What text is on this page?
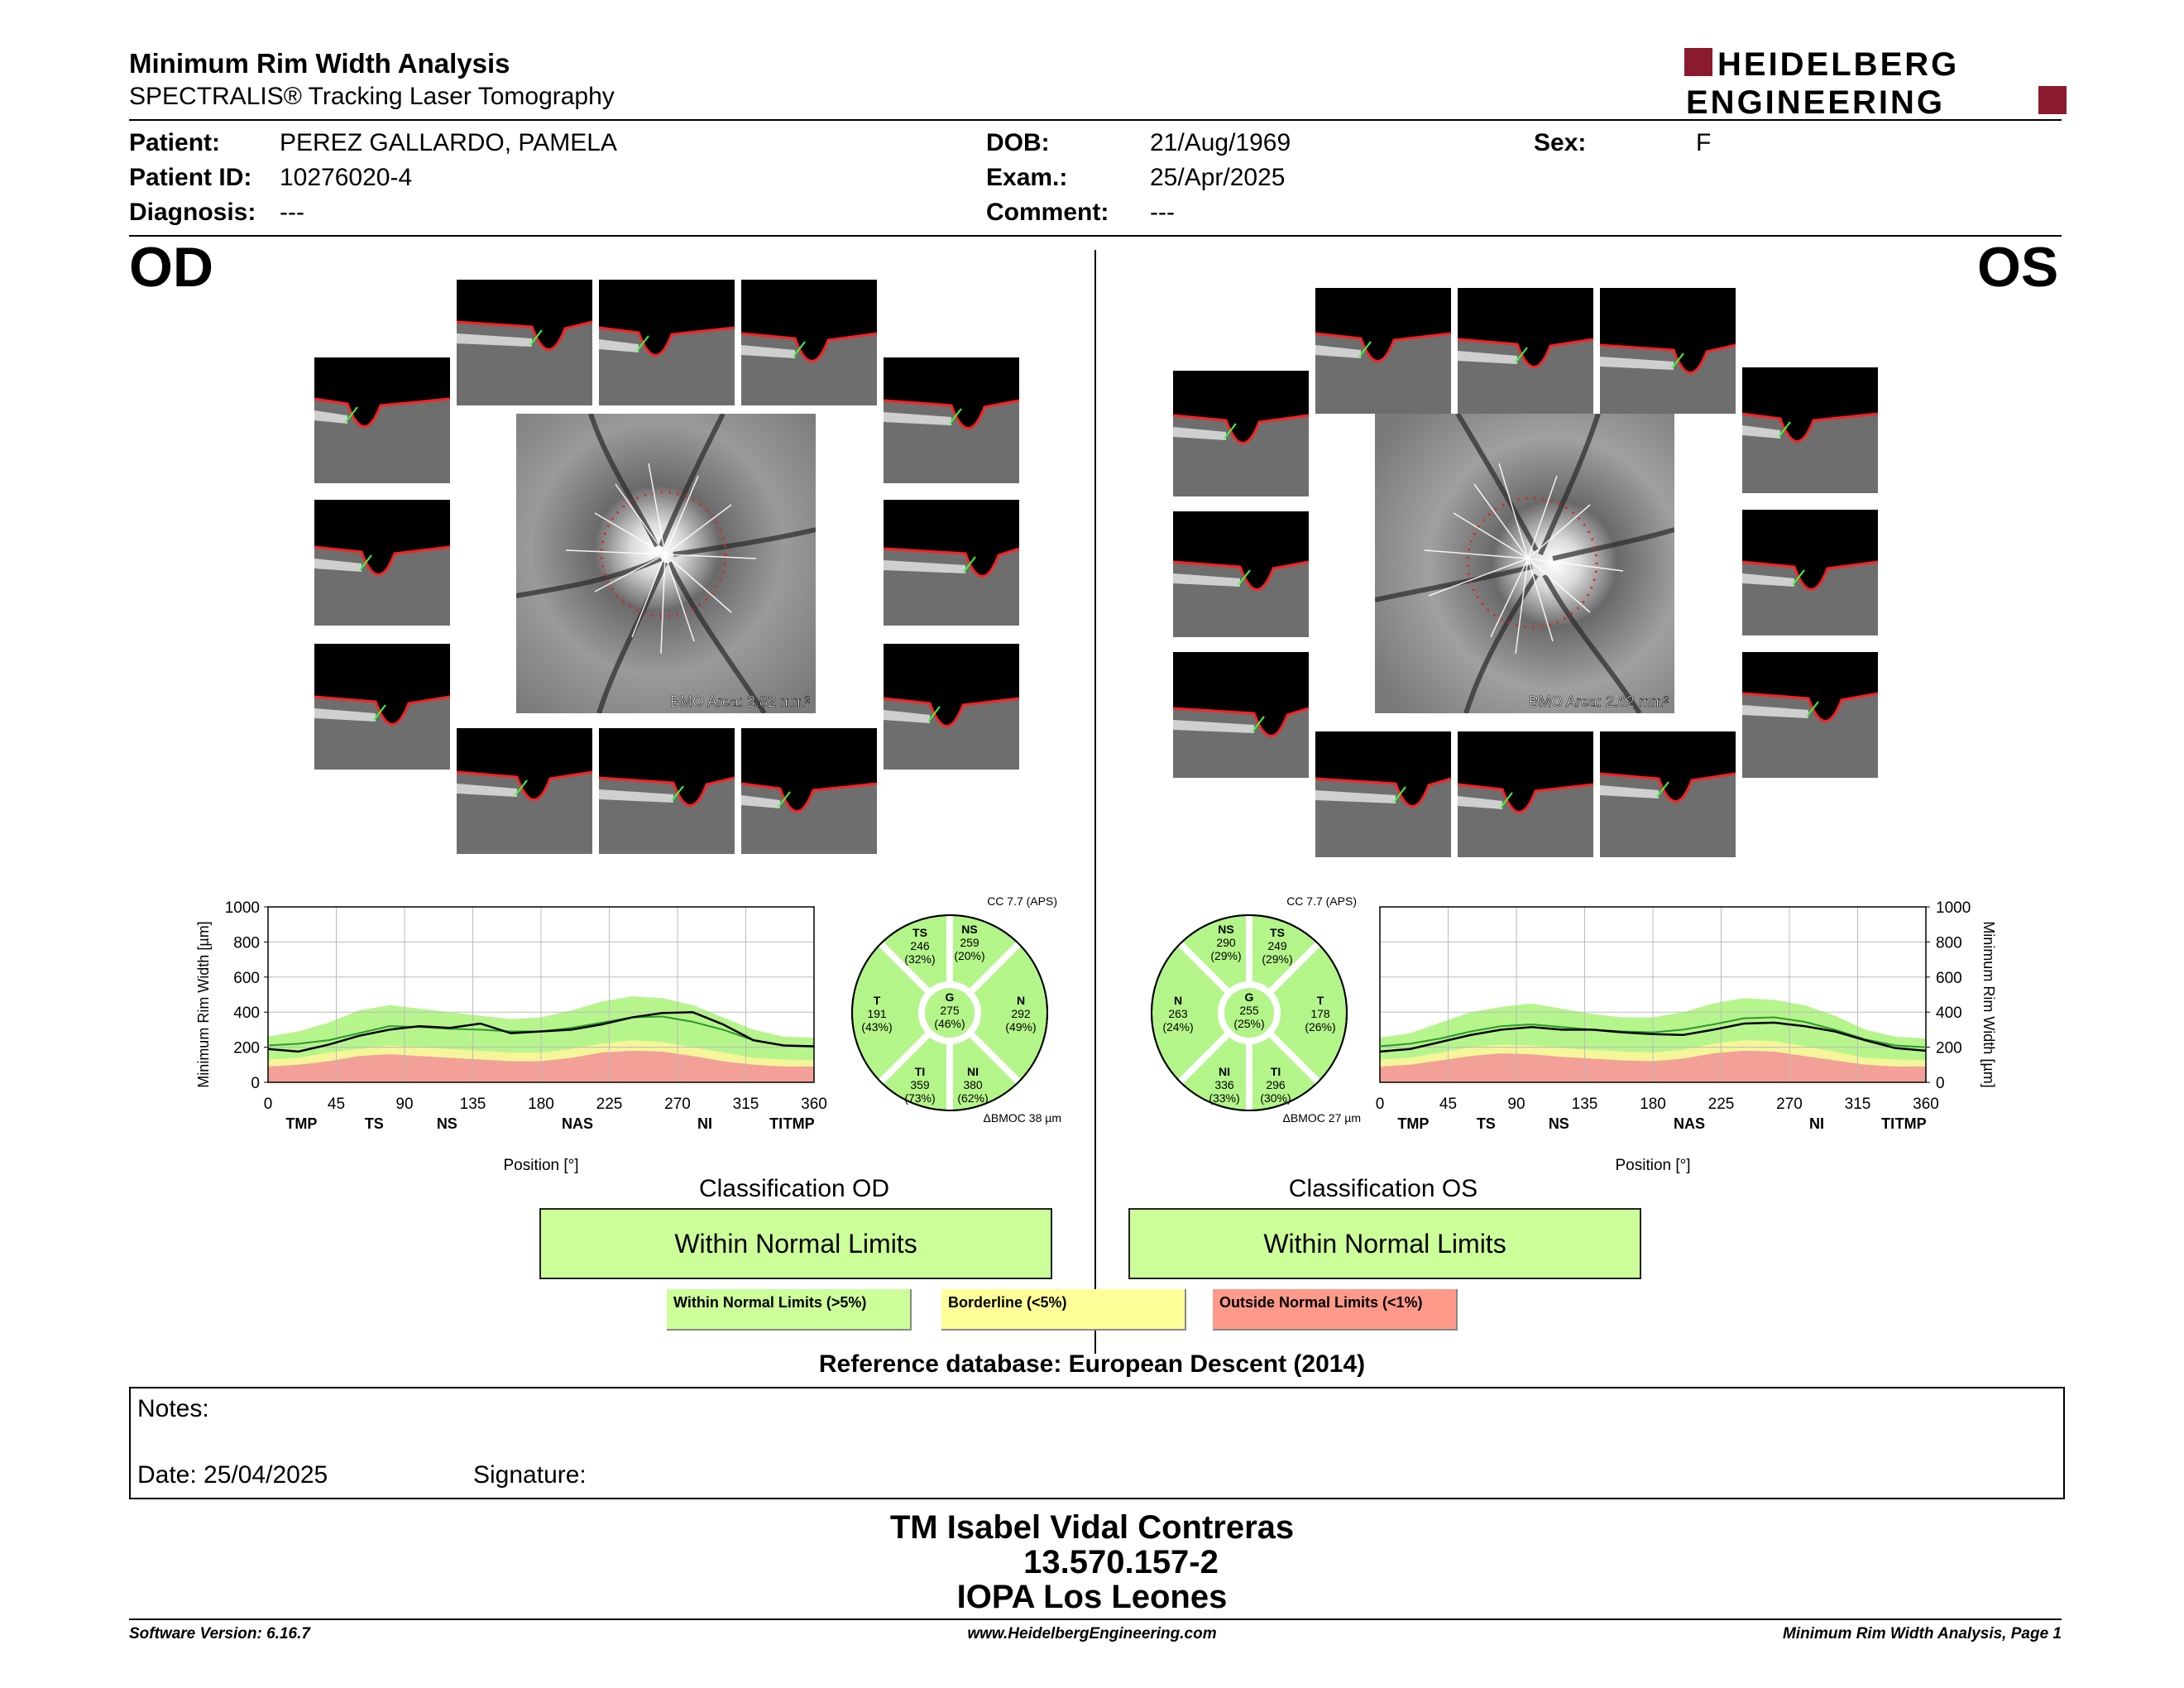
Minimum Rim Width Analysis
SPECTRALIS® Tracking Laser Tomography
HEIDELBERG
ENGINEERING
Patient: PEREZ GALLARDO, PAMELA
Patient ID: 10276020-4
Diagnosis: ---
DOB:	21/Aug/1969
Exam.:	25/Apr/2025
Comment: ---
Sex:	F
OD	OS
BMO Area: 2.82 mm²	BMO Area: 2.62 mm²
0
200
400
600
800
1000
0	45	90	135	180	225	270	315	360
TMP	TS	NS	NAS	NI	TI TMP
Minimum Rim Width [µm]
Position [°]
0
200
400
600
800
1000
0	45	90	135	180	225	270	315	360
TMP	TS	NS	NAS	NI	TI TMP
Minimum Rim Width [µm]
Position [°]
CC 7.7 (APS)
TS
246
(32%)
NS
259
(20%)
T
191
(43%)
G
275
(46%)
N
292
(49%)
TI
359
(73%)
NI
380
(62%)
ΔBMOC 38 µm
CC 7.7 (APS)
NS
290
(29%)
TS
249
(29%)
N
263
(24%)
G
255
(25%)
T
178
(26%)
NI
336
(33%)
TI
296
(30%)
ΔBMOC 27 µm
Classification OD
Within Normal Limits
Classification OS
Within Normal Limits
Within Normal Limits (>5%)	Borderline (<5%)	Outside Normal Limits (<1%)
Reference database: European Descent (2014)
Notes:
Date: 25/04/2025	Signature:
TM Isabel Vidal Contreras
13.570.157-2
IOPA Los Leones
Software Version: 6.16.7	www.HeidelbergEngineering.com	Minimum Rim Width Analysis, Page 1
